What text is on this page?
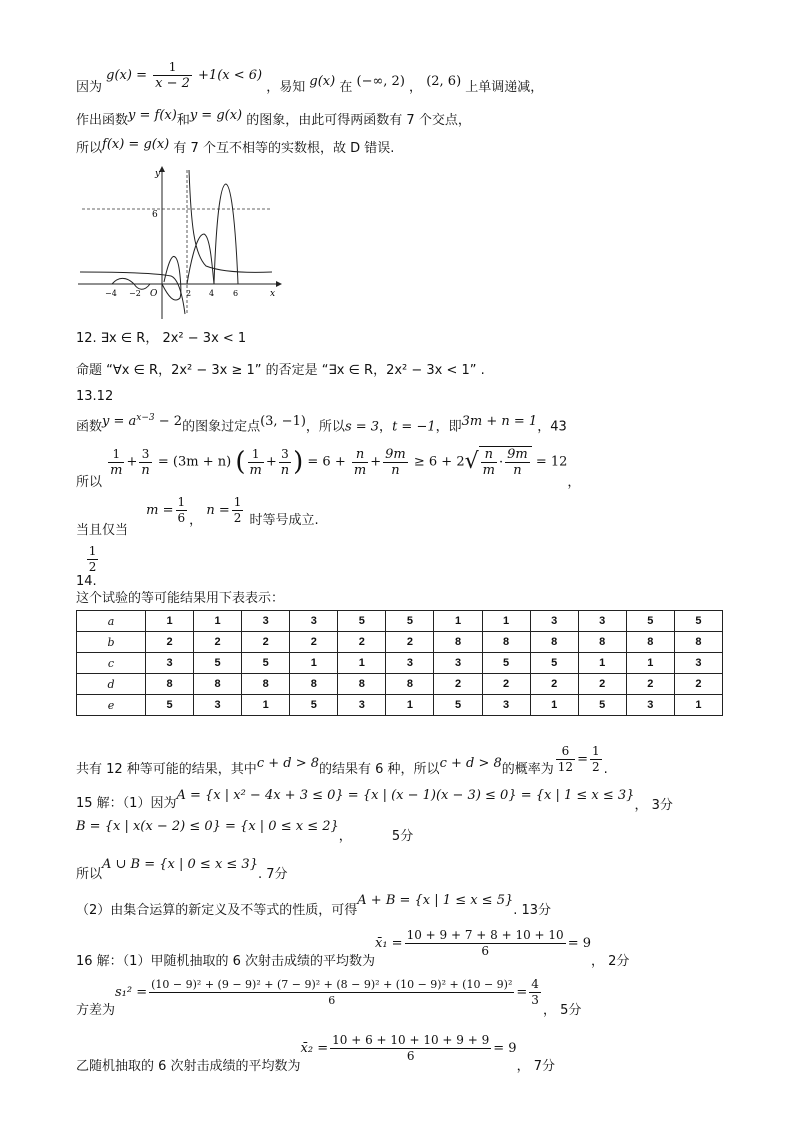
因为 $g(x) = \frac{1}{x - 2} +1(x < 6)$ ，易知 g(x) 在 (−∞, 2) ， (2, 6) 上单调递减，
作出函数y = f(x)和y = g(x) 的图象，由此可得两函数有 7 个交点，
所以f(x) = g(x) 有 7 个互不相等的实数根，故 D 错误.
y
x
O
6
−4 −2	2 4 6
12. ∃x ∈ R， 2x² − 3x < 1
命题 “∀x ∈ R，2x² − 3x ≥ 1” 的否定是 “∃x ∈ R，2x² − 3x < 1” .
13.12
函数$y = a^{x-3} - 2$的图象过定点(3, −1)，所以s = 3，t = −1，即3m + n = 1，43
所以
$\frac{1}{m} + \frac{3}{n} = (3m + n)$ ( $\frac{1}{m} + \frac{3}{n}$ ) = $6 + \frac{n}{m} + \frac{9m}{n} \ge 6 + 2√ \frac{n}{m} \cdot \frac{9m}{n} = 12$，
当且仅当 $m = \frac{1}{6}$ ， $n = \frac{1}{2}$ 时等号成立.
14.
$\frac{1}{2}$
这个试验的等可能结果用下表表示：
a	1	1	3	3	5	5	1	1	3	3	5	5
b	2	2	2	2	2	2	8	8	8	8	8	8
c	3	5	5	1	1	3	3	5	5	1	1	3
d	8	8	8	8	8	8	2	2	2	2	2	2
e	5	3	1	5	3	1	5	3	1	5	3	1
共有 12 种等可能的结果，其中c + d > 8的结果有 6 种，所以c + d > 8的概率为 $\frac{6}{12} = \frac{1}{2}$ .
15 解：（1）因为A = {x | x² − 4x + 3 ≤ 0} = {x | (x − 1)(x − 3) ≤ 0} = {x | 1 ≤ x ≤ 3}， 3分
B = {x | x(x − 2) ≤ 0} = {x | 0 ≤ x ≤ 2}，	5分
所以A ∪ B = {x | 0 ≤ x ≤ 3}. 7分
（2）由集合运算的新定义及不等式的性质，可得A + B = {x | 1 ≤ x ≤ 5}. 13分
16 解：（1）甲随机抽取的 6 次射击成绩的平均数为x̄₁ = $\frac{10 + 9 + 7 + 8 + 10 + 10}{6} = 9$， 2分
方差为s₁² =
(10 − 9)² + (9 − 9)² + (7 − 9)² + (8 − 9)² + (10 − 9)² + (10 − 9)²
6
= $\frac{4}{3}$
， 5分
乙随机抽取的 6 次射击成绩的平均数为x̄₂ = $\frac{10 + 6 + 10 + 10 + 9 + 9}{6} = 9$， 7分
